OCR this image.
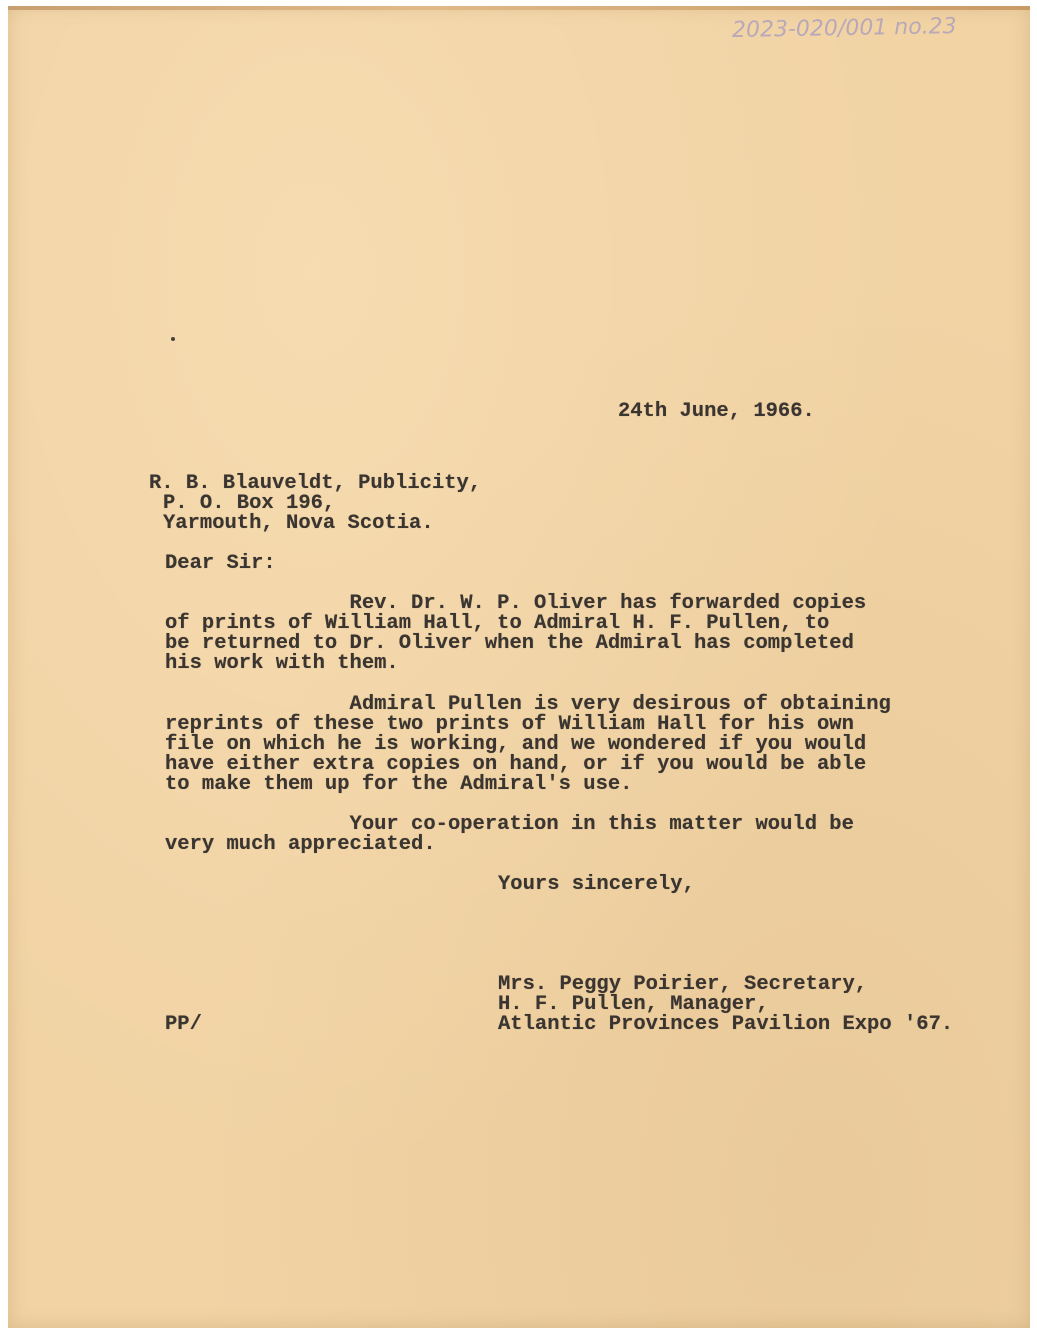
2023-020/001 no.23
24th June, 1966.
R. B. Blauveldt, Publicity,
P. O. Box 196,
Yarmouth, Nova Scotia.
Dear Sir:
Rev. Dr. W. P. Oliver has forwarded copies
of prints of William Hall, to Admiral H. F. Pullen, to
be returned to Dr. Oliver when the Admiral has completed
his work with them.
Admiral Pullen is very desirous of obtaining
reprints of these two prints of William Hall for his own
file on which he is working, and we wondered if you would
have either extra copies on hand, or if you would be able
to make them up for the Admiral's use.
Your co-operation in this matter would be
very much appreciated.
Yours sincerely,
Mrs. Peggy Poirier, Secretary,
H. F. Pullen, Manager,
Atlantic Provinces Pavilion Expo '67.
PP/
